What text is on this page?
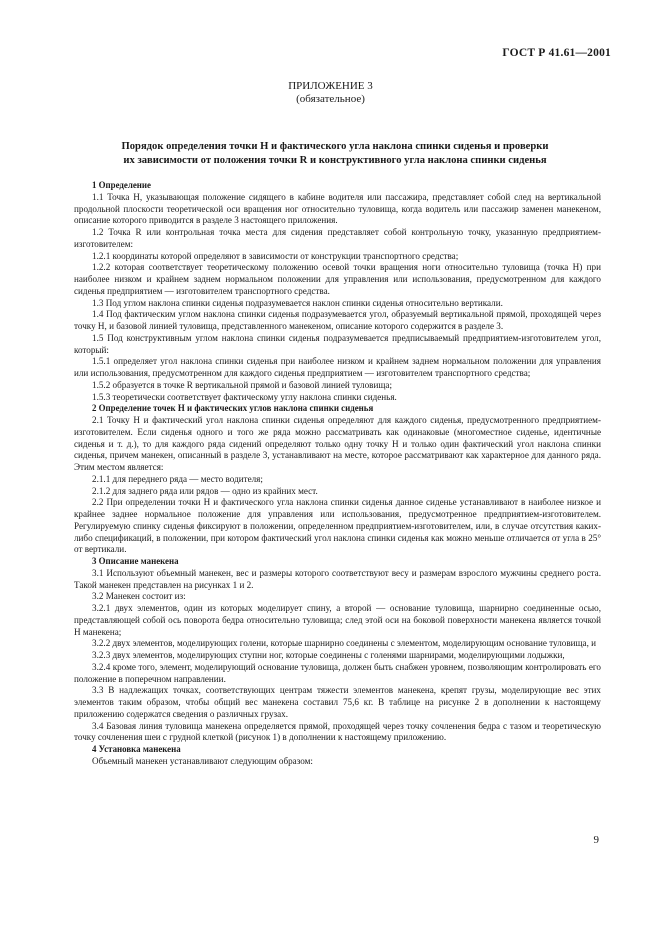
ГОСТ Р 41.61—2001
ПРИЛОЖЕНИЕ 3
(обязательное)
Порядок определения точки H и фактического угла наклона спинки сиденья и проверки
их зависимости от положения точки R и конструктивного угла наклона спинки сиденья

1 Определение

1.1 Точка H, указывающая положение сидящего в кабине водителя или пассажира, представляет собой след на вертикальной продольной плоскости теоретической оси вращения ног относительно туловища, когда водитель или пассажир заменен манекеном, описание которого приводится в разделе 3 настоящего приложения.

1.2 Точка R или контрольная точка места для сидения представляет собой контрольную точку, указанную предприятием-изготовителем:

1.2.1 координаты которой определяют в зависимости от конструкции транспортного средства;

1.2.2 которая соответствует теоретическому положению осевой точки вращения ноги относительно туловища (точка H) при наиболее низком и крайнем заднем нормальном положении для управления или использования, предусмотренном для каждого сиденья предприятием — изготовителем транспортного средства.

1.3 Под углом наклона спинки сиденья подразумевается наклон спинки сиденья относительно вертикали.

1.4 Под фактическим углом наклона спинки сиденья подразумевается угол, образуемый вертикальной прямой, проходящей через точку H, и базовой линией туловища, представленного манекеном, описание которого содержится в разделе 3.

1.5 Под конструктивным углом наклона спинки сиденья подразумевается предписываемый предприятием-изготовителем угол, который:

1.5.1 определяет угол наклона спинки сиденья при наиболее низком и крайнем заднем нормальном положении для управления или использования, предусмотренном для каждого сиденья предприятием — изготовителем транспортного средства;

1.5.2 образуется в точке R вертикальной прямой и базовой линией туловища;

1.5.3 теоретически соответствует фактическому углу наклона спинки сиденья.

2 Определение точек H и фактических углов наклона спинки сиденья

2.1 Точку H и фактический угол наклона спинки сиденья определяют для каждого сиденья, предусмотренного предприятием-изготовителем. Если сиденья одного и того же ряда можно рассматривать как одинаковые (многоместное сиденье, идентичные сиденья и т. д.), то для каждого ряда сидений определяют только одну точку H и только один фактический угол наклона спинки сиденья, причем манекен, описанный в разделе 3, устанавливают на месте, которое рассматривают как характерное для данного ряда. Этим местом является:

2.1.1 для переднего ряда — место водителя;

2.1.2 для заднего ряда или рядов — одно из крайних мест.

2.2 При определении точки H и фактического угла наклона спинки сиденья данное сиденье устанавливают в наиболее низкое и крайнее заднее нормальное положение для управления или использования, предусмотренное предприятием-изготовителем. Регулируемую спинку сиденья фиксируют в положении, определенном предприятием-изготовителем, или, в случае отсутствия каких-либо спецификаций, в положении, при котором фактический угол наклона спинки сиденья как можно меньше отличается от угла в 25° от вертикали.

3 Описание манекена

3.1 Используют объемный манекен, вес и размеры которого соответствуют весу и размерам взрослого мужчины среднего роста. Такой манекен представлен на рисунках 1 и 2.

3.2 Манекен состоит из:

3.2.1 двух элементов, один из которых моделирует спину, а второй — основание туловища, шарнирно соединенные осью, представляющей собой ось поворота бедра относительно туловища; след этой оси на боковой поверхности манекена является точкой H манекена;

3.2.2 двух элементов, моделирующих голени, которые шарнирно соединены с элементом, моделирующим основание туловища, и

3.2.3 двух элементов, моделирующих ступни ног, которые соединены с голенями шарнирами, моделирующими лодыжки,

3.2.4 кроме того, элемент, моделирующий основание туловища, должен быть снабжен уровнем, позволяющим контролировать его положение в поперечном направлении.

3.3 В надлежащих точках, соответствующих центрам тяжести элементов манекена, крепят грузы, моделирующие вес этих элементов таким образом, чтобы общий вес манекена составил 75,6 кг. В таблице на рисунке 2 в дополнении к настоящему приложению содержатся сведения о различных грузах.

3.4 Базовая линия туловища манекена определяется прямой, проходящей через точку сочленения бедра с тазом и теоретическую точку сочленения шеи с грудной клеткой (рисунок 1) в дополнении к настоящему приложению.

4 Установка манекена

Объемный манекен устанавливают следующим образом:

9
